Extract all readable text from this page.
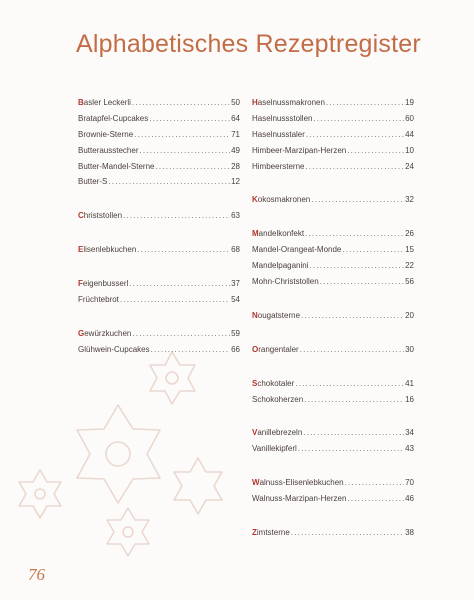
Alphabetisches Rezeptregister
Basler Leckerli .....	50
Bratapfel-Cupcakes .....	64
Brownie-Sterne .....	71
Butterausstecher .....	49
Butter-Mandel-Sterne .....	28
Butter-S .....	12
Christstollen .....	63
Elisenlebkuchen .....	68
Feigenbusserl .....	37
Früchtebrot .....	54
Gewürzkuchen .....	59
Glühwein-Cupcakes .....	66
Haselnussmakronen .....	19
Haselnussstollen .....	60
Haselnusstaler .....	44
Himbeer-Marzipan-Herzen .....	10
Himbeersterne .....	24
Kokosmakronen .....	32
Mandelkonfekt .....	26
Mandel-Orangeat-Monde .....	15
Mandelpaganini .....	22
Mohn-Christstollen .....	56
Nougatsterne .....	20
Orangentaler .....	30
Schokotaler .....	41
Schokoherzen .....	16
Vanillebrezeln .....	34
Vanillekipferl .....	43
Walnuss-Elisenlebkuchen .....	70
Walnuss-Marzipan-Herzen .....	46
Zimtsterne .....	38
76
